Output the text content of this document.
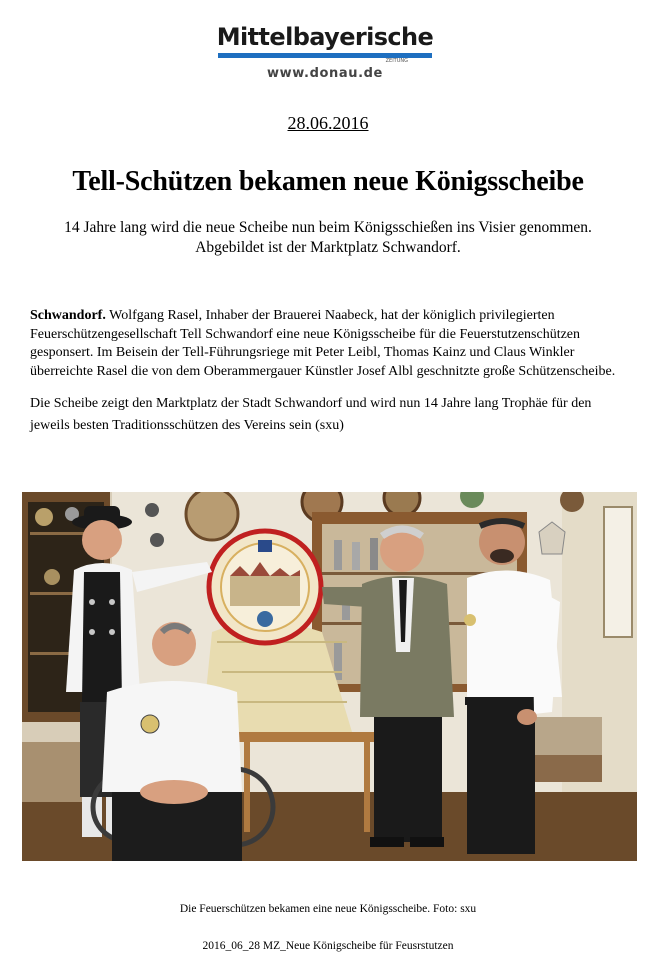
Mittelbayerische
ZEITUNG
www.donau.de
28.06.2016
Tell-Schützen bekamen neue Königsscheibe
14 Jahre lang wird die neue Scheibe nun beim Königsschießen ins Visier genommen. Abgebildet ist der Marktplatz Schwandorf.

Schwandorf. Wolfgang Rasel, Inhaber der Brauerei Naabeck, hat der königlich privilegierten Feuerschützengesellschaft Tell Schwandorf eine neue Königsscheibe für die Feuerstutzenschützen gesponsert. Im Beisein der Tell-Führungsriege mit Peter Leibl, Thomas Kainz und Claus Winkler überreichte Rasel die von dem Oberammergauer Künstler Josef Albl geschnitzte große Schützenscheibe.

Die Scheibe zeigt den Marktplatz der Stadt Schwandorf und wird nun 14 Jahre lang Trophäe für den jeweils besten Traditionsschützen des Vereins sein (sxu)

Die Feuerschützen bekamen eine neue Königsscheibe. Foto: sxu
2016_06_28 MZ_Neue Königscheibe für Feusrstutzen
